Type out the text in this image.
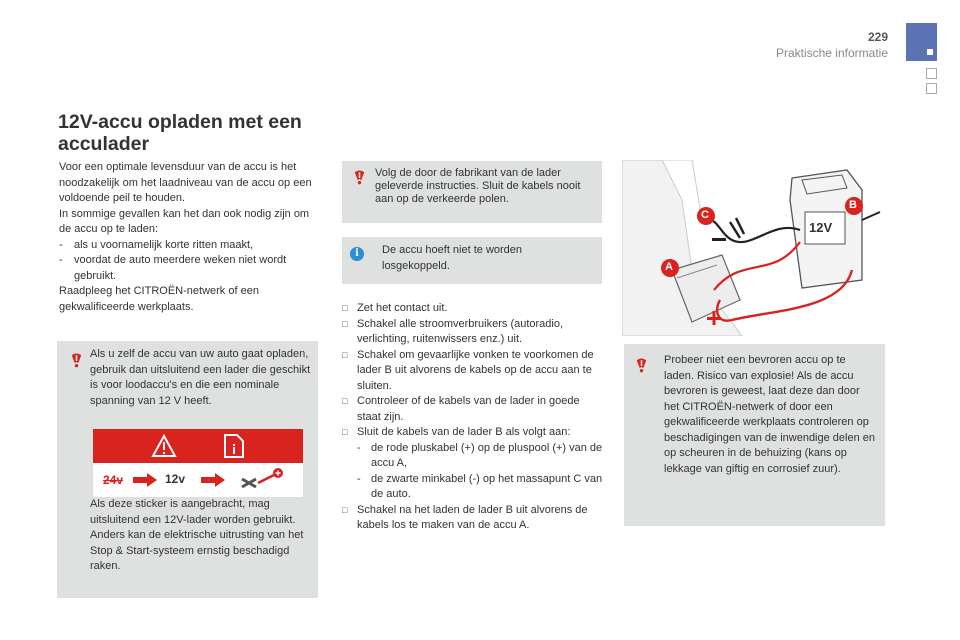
229
Praktische informatie
12V-accu opladen met een acculader

Voor een optimale levensduur van de accu is het noodzakelijk om het laadniveau van de accu op een voldoende peil te houden.

In sommige gevallen kan het dan ook nodig zijn om de accu op te laden:

-	als u voornamelijk korte ritten maakt,
-	voordat de auto meerdere weken niet wordt gebruikt.

Raadpleeg het CITROËN-netwerk of een gekwalificeerde werkplaats.

Als u zelf de accu van uw auto gaat opladen, gebruik dan uitsluitend een lader die geschikt is voor loodaccu's en die een nominale spanning van 12 V heeft.
Als deze sticker is aangebracht, mag uitsluitend een 12V-lader worden gebruikt. Anders kan de elektrische uitrusting van het Stop & Start-systeem ernstig beschadigd raken.
24v	12v
Volg de door de fabrikant van de lader geleverde instructies. Sluit de kabels nooit aan op de verkeerde polen.
i	De accu hoeft niet te worden losgekoppeld.
□ Zet het contact uit.
□ Schakel alle stroomverbruikers (autoradio, verlichting, ruitenwissers enz.) uit.
□ Schakel om gevaarlijke vonken te voorkomen de lader B uit alvorens de kabels op de accu aan te sluiten.
□ Controleer of de kabels van de lader in goede staat zijn.
□ Sluit de kabels van de lader B als volgt aan:
- de rode pluskabel (+) op de pluspool (+) van de accu A,
- de zwarte minkabel (-) op het massapunt C van de auto.
□ Schakel na het laden de lader B uit alvorens de kabels los te maken van de accu A.
C
B
A
12V
Probeer niet een bevroren accu op te laden. Risico van explosie! Als de accu bevroren is geweest, laat deze dan door het CITROËN-netwerk of door een gekwalificeerde werkplaats controleren op beschadigingen van de inwendige delen en op scheuren in de behuizing (kans op lekkage van giftig en corrosief zuur).
